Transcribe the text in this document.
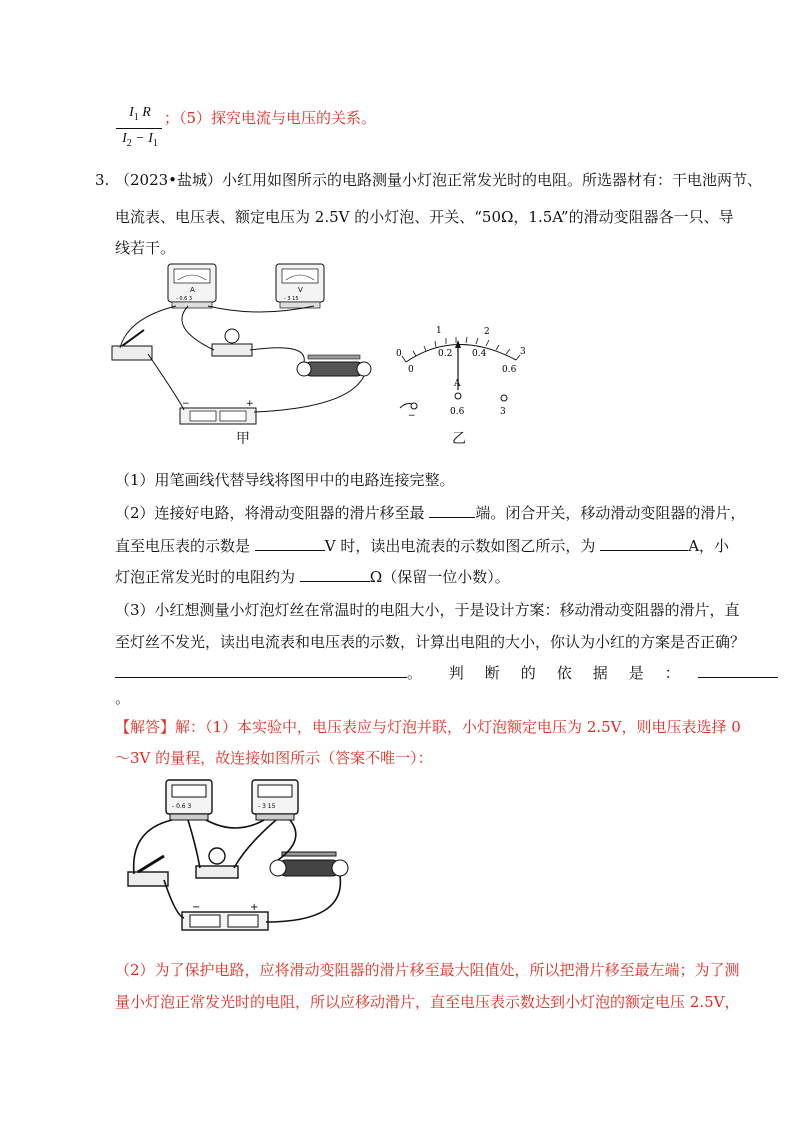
$I_1$ R
$I_2 - I_1$
；（5）探究电流与电压的关系。
3. （2023•盐城）小红用如图所示的电路测量小灯泡正常发光时的电阻。所选器材有：干电池两节、
电流表、电压表、额定电压为 2.5V 的小灯泡、开关、“50Ω，1.5A”的滑动变阻器各一只、导
线若干。
A
- 0.6 3
V
- 3 15
−	+
甲
0
1	2
3
0
0.2 0.4
0.6
A
−	0.6	3
乙
（1）用笔画线代替导线将图甲中的电路连接完整。
（2）连接好电路，将滑动变阻器的滑片移至最	端。闭合开关，移动滑动变阻器的滑片，
直至电压表的示数是	V 时，读出电流表的示数如图乙所示，为	A，小
灯泡正常发光时的电阻约为	Ω（保留一位小数）。
（3）小红想测量小灯泡灯丝在常温时的电阻大小，于是设计方案：移动滑动变阻器的滑片，直
至灯丝不发光，读出电流表和电压表的示数，计算出电阻的大小，你认为小红的方案是否正确？
。 判 断 的 依 据 是 ：
。
【解答】解：（1）本实验中，电压表应与灯泡并联，小灯泡额定电压为 2.5V，则电压表选择 0
～3V 的量程，故连接如图所示（答案不唯一）：
- 0.6 3	- 3 15
−	+
（2）为了保护电路，应将滑动变阻器的滑片移至最大阻值处，所以把滑片移至最左端；为了测
量小灯泡正常发光时的电阻，所以应移动滑片，直至电压表示数达到小灯泡的额定电压 2.5V，
